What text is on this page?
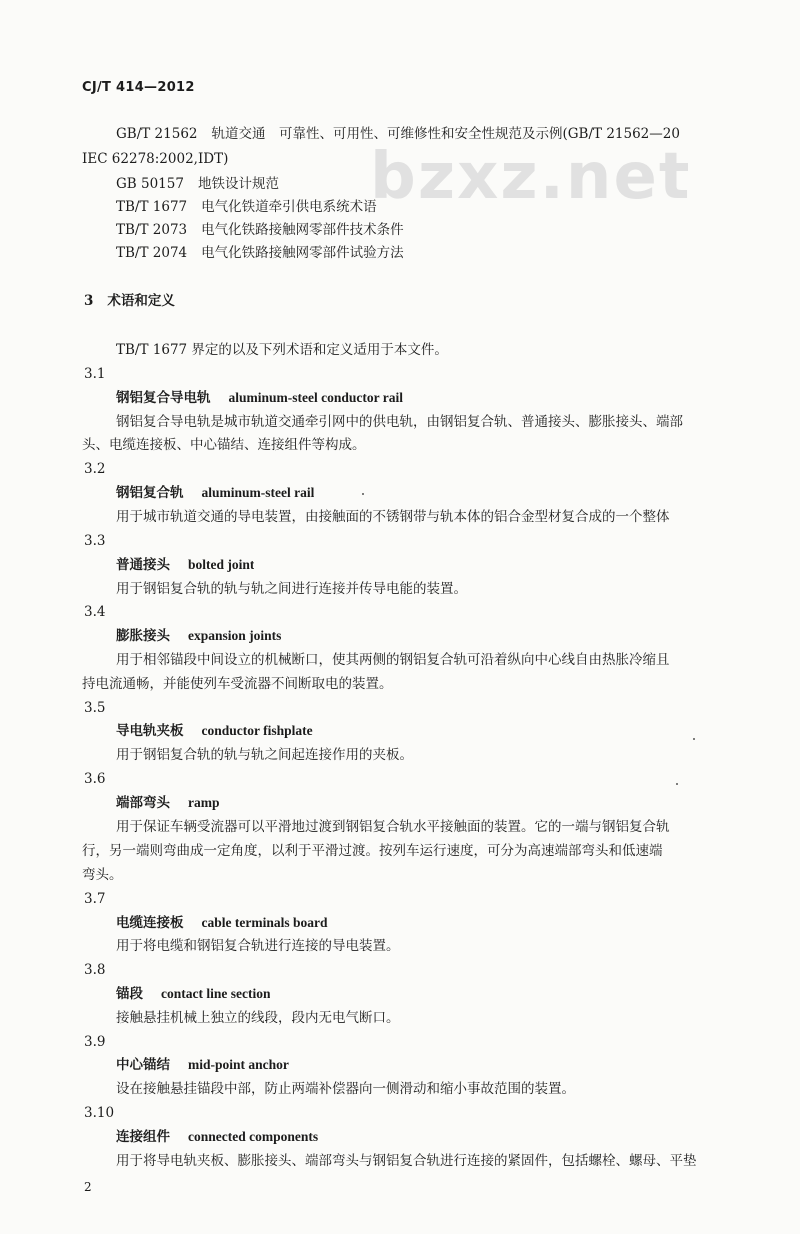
CJ/T 414—2012
bzxz.net
GB/T 21562 轨道交通　可靠性、可用性、可维修性和安全性规范及示例(GB/T 21562—20
IEC 62278:2002,IDT)
GB 50157 地铁设计规范
TB/T 1677 电气化铁道牵引供电系统术语
TB/T 2073 电气化铁路接触网零部件技术条件
TB/T 2074 电气化铁路接触网零部件试验方法
3 术语和定义
TB/T 1677 界定的以及下列术语和定义适用于本文件。
3.1
钢铝复合导电轨 aluminum-steel conductor rail
钢铝复合导电轨是城市轨道交通牵引网中的供电轨，由钢铝复合轨、普通接头、膨胀接头、端部
头、电缆连接板、中心锚结、连接组件等构成。
3.2
钢铝复合轨 aluminum-steel rail
用于城市轨道交通的导电装置，由接触面的不锈钢带与轨本体的铝合金型材复合成的一个整体
3.3
普通接头 bolted joint
用于钢铝复合轨的轨与轨之间进行连接并传导电能的装置。
3.4
膨胀接头 expansion joints
用于相邻锚段中间设立的机械断口，使其两侧的钢铝复合轨可沿着纵向中心线自由热胀冷缩且
持电流通畅，并能使列车受流器不间断取电的装置。
3.5
导电轨夹板 conductor fishplate
用于钢铝复合轨的轨与轨之间起连接作用的夹板。
3.6
端部弯头 ramp
用于保证车辆受流器可以平滑地过渡到钢铝复合轨水平接触面的装置。它的一端与钢铝复合轨
行，另一端则弯曲成一定角度，以利于平滑过渡。按列车运行速度，可分为高速端部弯头和低速端
弯头。
3.7
电缆连接板 cable terminals board
用于将电缆和钢铝复合轨进行连接的导电装置。
3.8
锚段 contact line section
接触悬挂机械上独立的线段，段内无电气断口。
3.9
中心锚结 mid-point anchor
设在接触悬挂锚段中部，防止两端补偿器向一侧滑动和缩小事故范围的装置。
3.10
连接组件 connected components
用于将导电轨夹板、膨胀接头、端部弯头与钢铝复合轨进行连接的紧固件，包括螺栓、螺母、平垫
2
